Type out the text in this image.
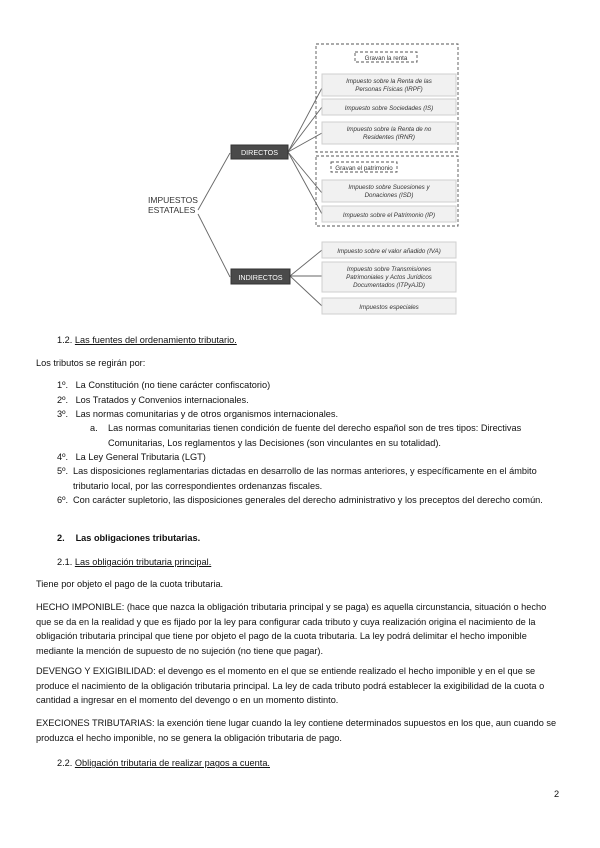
IMPUESTOS
ESTATALES
DIRECTOS
INDIRECTOS
Gravan la renta
Gravan el patrimonio
Impuesto sobre la Renta de las
Personas Físicas (IRPF)
Impuesto sobre Sociedades (IS)
Impuesto sobre la Renta de no
Residentes (IRNR)
Impuesto sobre Sucesiones y
Donaciones (ISD)
Impuesto sobre el Patrimonio (IP)
Impuesto sobre el valor añadido (IVA)
Impuesto sobre Transmisiones
Patrimoniales y Actos Jurídicos
Documentados (ITPyAJD)
Impuestos especiales
1.2. Las fuentes del ordenamiento tributario.
Los tributos se regirán por:
1º. La Constitución (no tiene carácter confiscatorio)
2º. Los Tratados y Convenios internacionales.
3º. Las normas comunitarias y de otros organismos internacionales.
a. Las normas comunitarias tienen condición de fuente del derecho español son de tres tipos: Directivas Comunitarias, Los reglamentos y las Decisiones (son vinculantes en su totalidad).
4º. La Ley General Tributaria (LGT)
5º. Las disposiciones reglamentarias dictadas en desarrollo de las normas anteriores, y específicamente en el ámbito tributario local, por las correspondientes ordenanzas fiscales.
6º. Con carácter supletorio, las disposiciones generales del derecho administrativo y los preceptos del derecho común.
2. Las obligaciones tributarias.
2.1. Las obligación tributaria principal.
Tiene por objeto el pago de la cuota tributaria.
HECHO IMPONIBLE: (hace que nazca la obligación tributaria principal y se paga) es aquella circunstancia, situación o hecho que se da en la realidad y que es fijado por la ley para configurar cada tributo y cuya realización origina el nacimiento de la obligación tributaria principal que tiene por objeto el pago de la cuota tributaria. La ley podrá delimitar el hecho imponible mediante la mención de supuesto de no sujeción (no tiene que pagar).
DEVENGO Y EXIGIBILIDAD: el devengo es el momento en el que se entiende realizado el hecho imponible y en el que se produce el nacimiento de la obligación tributaria principal. La ley de cada tributo podrá establecer la exigibilidad de la cuota o cantidad a ingresar en el momento del devengo o en un momento distinto.
EXECIONES TRIBUTARIAS: la exención tiene lugar cuando la ley contiene determinados supuestos en los que, aun cuando se produzca el hecho imponible, no se genera la obligación tributaria de pago.
2.2. Obligación tributaria de realizar pagos a cuenta.
2
